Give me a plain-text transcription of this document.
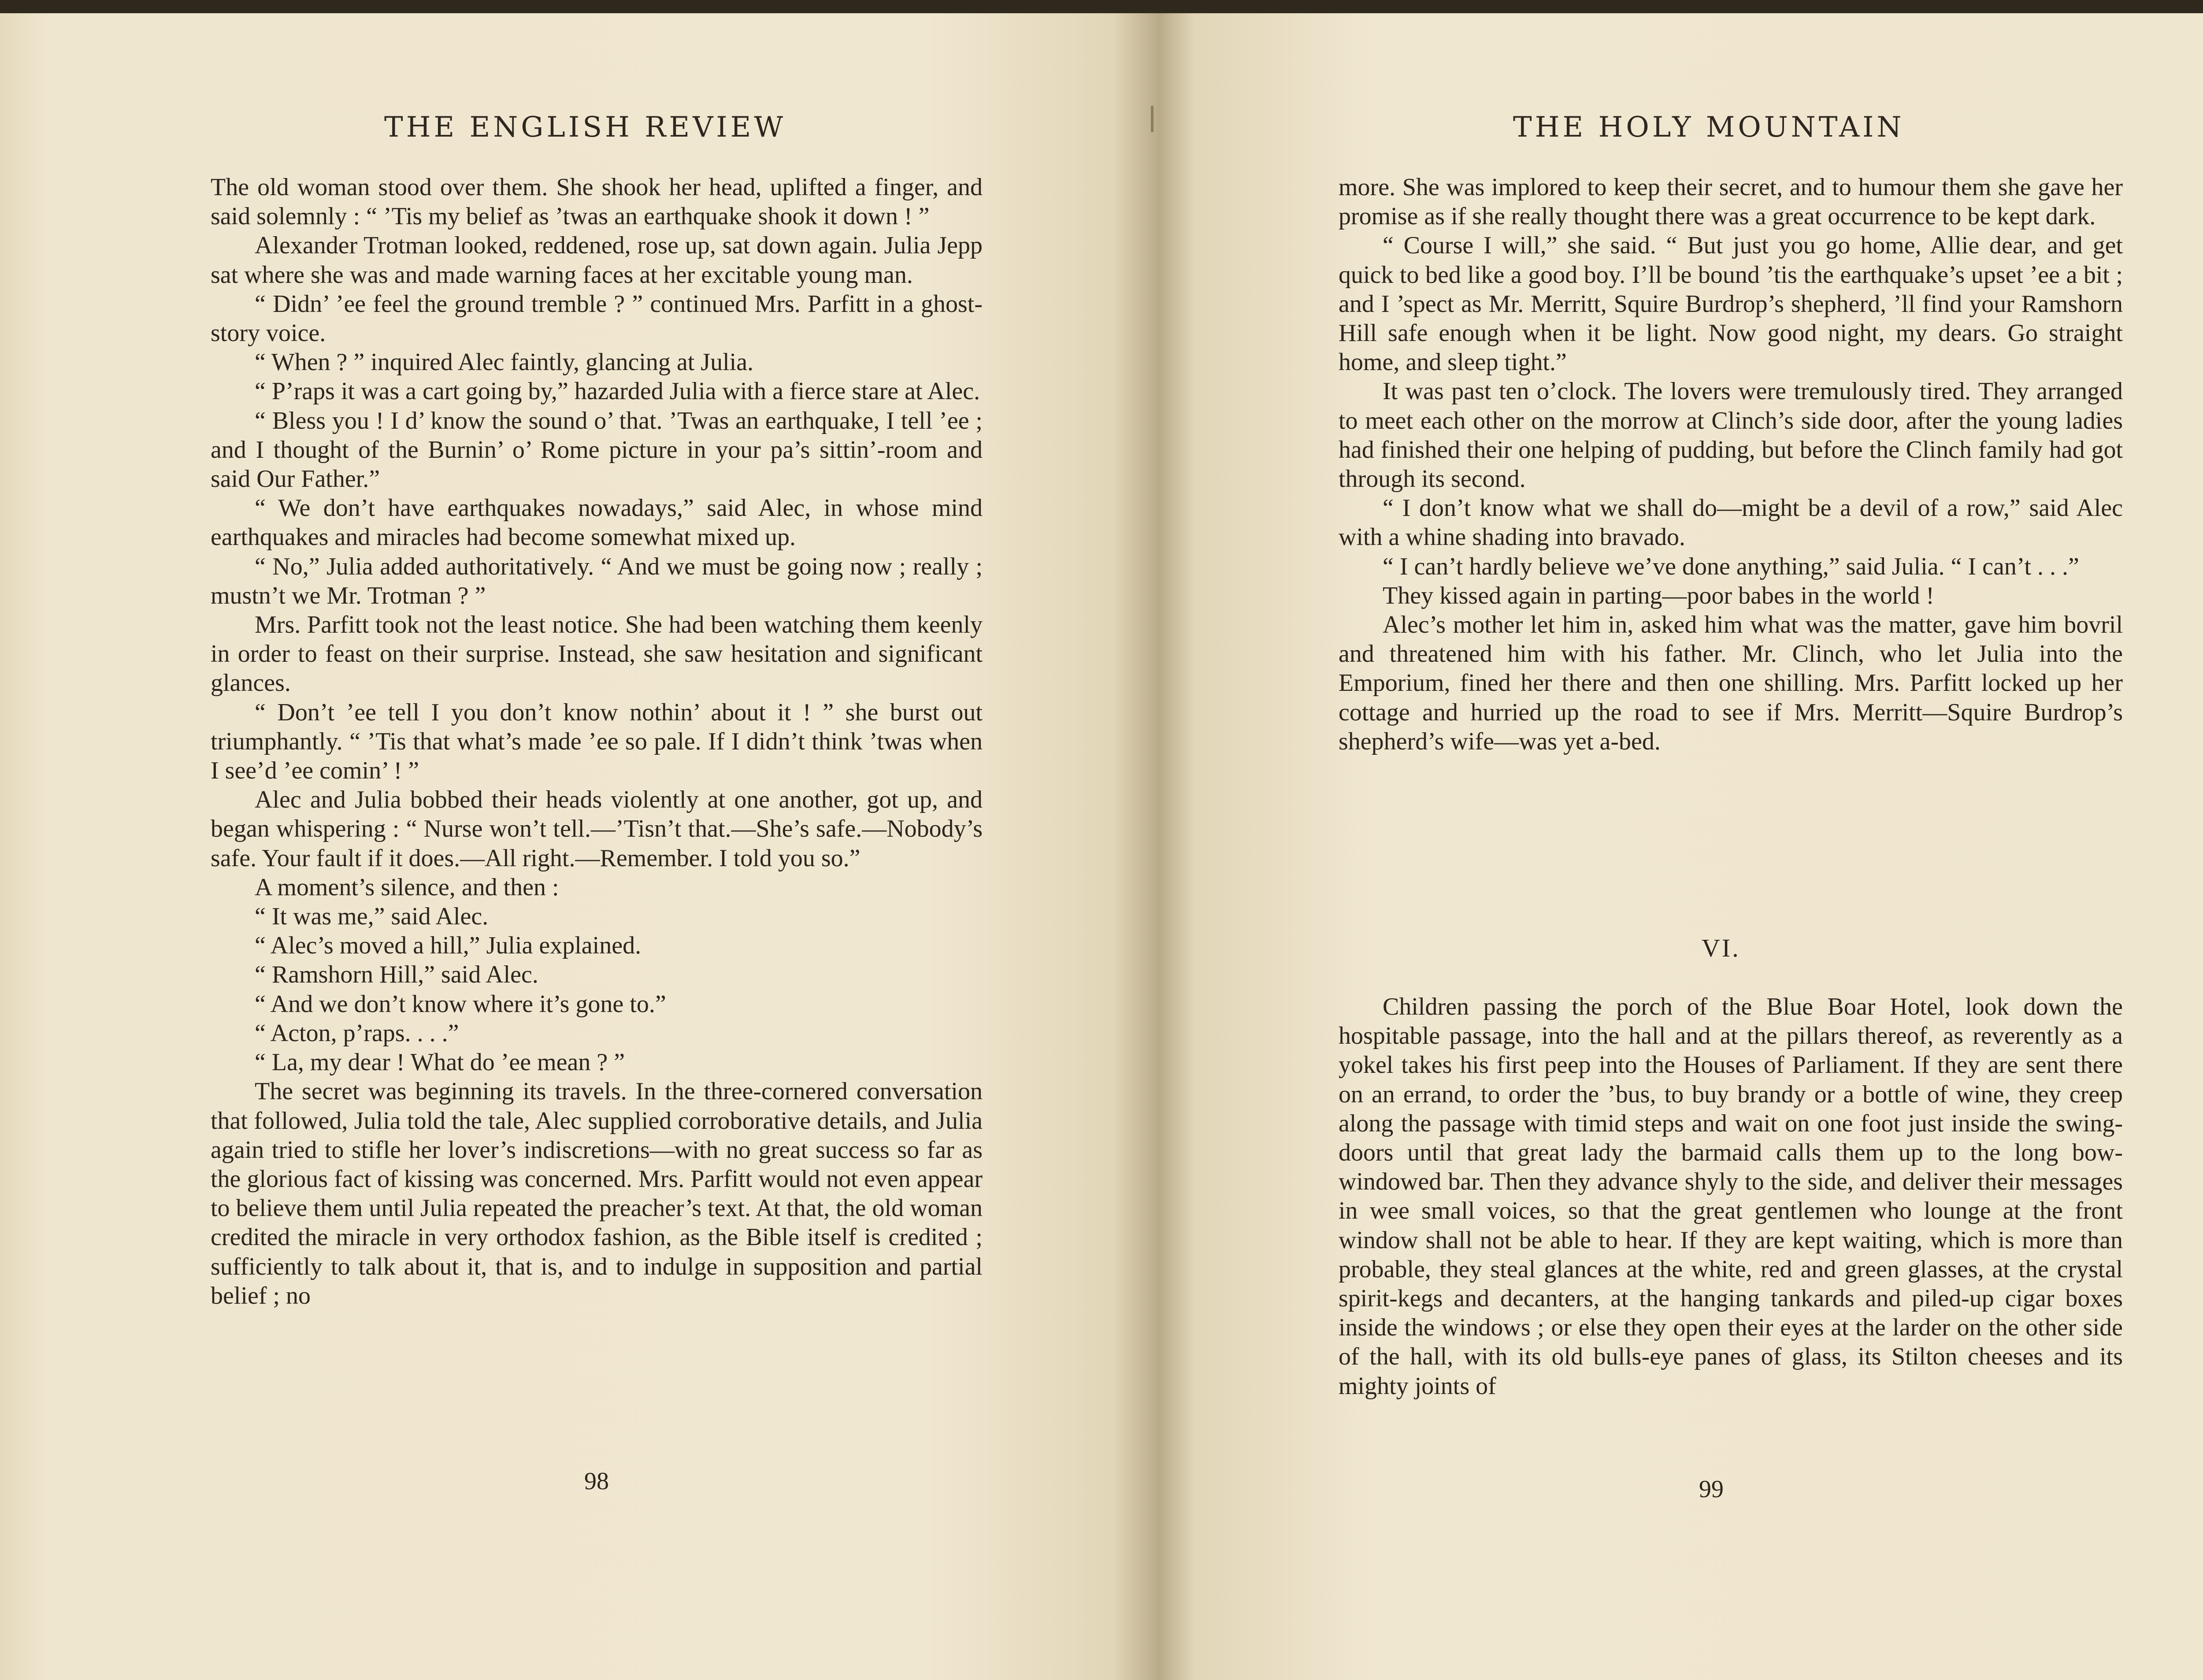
THE ENGLISH REVIEW

The old woman stood over them. She shook her head, uplifted a finger, and said solemnly : “ ’Tis my belief as ’twas an earthquake shook it down ! ”

Alexander Trotman looked, reddened, rose up, sat down again. Julia Jepp sat where she was and made warning faces at her excitable young man.

“ Didn’ ’ee feel the ground tremble ? ” continued Mrs. Parfitt in a ghost-story voice.

“ When ? ” inquired Alec faintly, glancing at Julia.

“ P’raps it was a cart going by,” hazarded Julia with a fierce stare at Alec.

“ Bless you ! I d’ know the sound o’ that. ’Twas an earthquake, I tell ’ee ; and I thought of the Burnin’ o’ Rome picture in your pa’s sittin’-room and said Our Father.”

“ We don’t have earthquakes nowadays,” said Alec, in whose mind earthquakes and miracles had become somewhat mixed up.

“ No,” Julia added authoritatively. “ And we must be going now ; really ; mustn’t we Mr. Trotman ? ”

Mrs. Parfitt took not the least notice. She had been watching them keenly in order to feast on their surprise. Instead, she saw hesitation and significant glances.

“ Don’t ’ee tell I you don’t know nothin’ about it ! ” she burst out triumphantly. “ ’Tis that what’s made ’ee so pale. If I didn’t think ’twas when I see’d ’ee comin’ ! ”

Alec and Julia bobbed their heads violently at one another, got up, and began whispering : “ Nurse won’t tell.—’Tisn’t that.—She’s safe.—Nobody’s safe. Your fault if it does.—All right.—Remember. I told you so.”

A moment’s silence, and then :

“ It was me,” said Alec.

“ Alec’s moved a hill,” Julia explained.

“ Ramshorn Hill,” said Alec.

“ And we don’t know where it’s gone to.”

“ Acton, p’raps. . . .”

“ La, my dear ! What do ’ee mean ? ”

The secret was beginning its travels. In the three-cornered conversation that followed, Julia told the tale, Alec supplied corroborative details, and Julia again tried to stifle her lover’s indiscretions—with no great success so far as the glorious fact of kissing was concerned. Mrs. Parfitt would not even appear to believe them until Julia repeated the preacher’s text. At that, the old woman credited the miracle in very orthodox fashion, as the Bible itself is credited ; sufficiently to talk about it, that is, and to indulge in supposition and partial belief ; no

98
THE HOLY MOUNTAIN

more. She was implored to keep their secret, and to humour them she gave her promise as if she really thought there was a great occurrence to be kept dark.

“ Course I will,” she said. “ But just you go home, Allie dear, and get quick to bed like a good boy. I’ll be bound ’tis the earthquake’s upset ’ee a bit ; and I ’spect as Mr. Merritt, Squire Burdrop’s shepherd, ’ll find your Ramshorn Hill safe enough when it be light. Now good night, my dears. Go straight home, and sleep tight.”

It was past ten o’clock. The lovers were tremulously tired. They arranged to meet each other on the morrow at Clinch’s side door, after the young ladies had finished their one helping of pudding, but before the Clinch family had got through its second.

“ I don’t know what we shall do—might be a devil of a row,” said Alec with a whine shading into bravado.

“ I can’t hardly believe we’ve done anything,” said Julia. “ I can’t . . .”

They kissed again in parting—poor babes in the world !

Alec’s mother let him in, asked him what was the matter, gave him bovril and threatened him with his father. Mr. Clinch, who let Julia into the Emporium, fined her there and then one shilling. Mrs. Parfitt locked up her cottage and hurried up the road to see if Mrs. Merritt—Squire Burdrop’s shepherd’s wife—was yet a-bed.

VI.

Children passing the porch of the Blue Boar Hotel, look down the hospitable passage, into the hall and at the pillars thereof, as reverently as a yokel takes his first peep into the Houses of Parliament. If they are sent there on an errand, to order the ’bus, to buy brandy or a bottle of wine, they creep along the passage with timid steps and wait on one foot just inside the swing-doors until that great lady the barmaid calls them up to the long bow-windowed bar. Then they advance shyly to the side, and deliver their messages in wee small voices, so that the great gentlemen who lounge at the front window shall not be able to hear. If they are kept waiting, which is more than probable, they steal glances at the white, red and green glasses, at the crystal spirit-kegs and decanters, at the hanging tankards and piled-up cigar boxes inside the windows ; or else they open their eyes at the larder on the other side of the hall, with its old bulls-eye panes of glass, its Stilton cheeses and its mighty joints of

99
